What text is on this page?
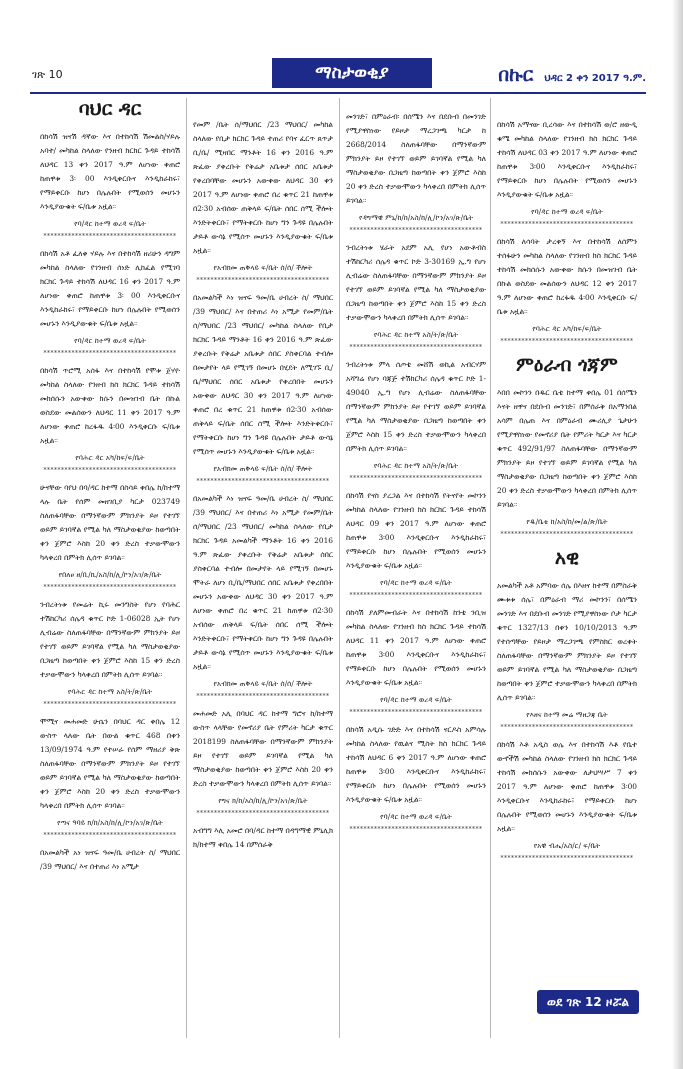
ገጽ 10	ማስታወቂያ	በኩር ህዳር 2 ቀን 2017 ዓ.ም.
ባህር ዳር

በከሳሽ ዝናሽ ዳኛው እና በተከሳሽ ሽመልስ/ሃይሉ አባተ/ መካከል ስላለው የንዘብ ክርክር ጉዳይ ተከሳሽ ለህዳር 13 ቀን 2017 ዓ.ም ለሆነው ቀጠሮ ከጠዋቱ 3፡ 00 እንዲቀርቡና እንዲከራከሩ፣ የማይቀርቡ ከሆነ በሌሉበት የሚወሰን መሆኑን እንዲያውቁት ፍ/ቤቱ አዟል።

የባ/ዳር ከተማ ወረዳ ፍ/ቤት

**************************************

በከሳሽ አቶ ፈለቀ ሃይሉ እና በተከሳሽ ዘሪሁን ዳግም መካከል ስላለው የገንዘብ ሰነድ ሊከፈል የሚገባ ክርክር ጉዳይ ተከሳሽ ለህዳር 16 ቀን 2017 ዓ.ም ለሆነው ቀጠሮ ከጠዋቱ 3፡ 00 እንዲቀርቡና እንዲከራከሩ፣ የማይቀርቡ ከሆነ በሌሉበት የሚወሰን መሆኑን እንዲያውቁት ፍ/ቤቱ አዟል።

የባ/ዳር ከተማ ወረዳ ፍ/ቤት

**************************************

በከሳሽ ጥሮሚ አሰፋ እና በተከሳሽ የሞቱ ጀሃዮ መካከል ስላለው የንዘብ ክስ ክርክር ጉዳይ ተከሳሽ መክሰሱን አውቀው ክሱን በመዝገብ ቤት በኩል ወስደው መልሰውን ለህዳር 11 ቀን 2017 ዓ.ም ለሆነው ቀጠሮ ከረፋዱ 4፡00 እንዲቀርቡ ፍ/ቤቱ አዟል።

የባሕር ዳር አካ/ከፍ/ፍ/ቤት

**************************************

ሁናቸው ባየህ በባ/ዳር ከተማ በስሳይ ቀበሌ ከ/ከተማ ላሉ ቤት የሰም መዘገቢያ ካርታ 023749 ስለጠፋባቸው በማንኛውም ምክንያት ይዞ የተገኘ ወይም ይገባኛል የሚል ካለ ማስታወቂያው ከወጣበት ቀን ጀምሮ እስከ 20 ቀን ድረስ ተቃውሞውን ካላቀረበ በምትክ ሊሰጥ ይገባል።

የበለፀ ዘ/ቢ/ኪ/አስ/ከ/ሊ/ኮን/አገ/ጽ/ቤት

**************************************

ንብረትነቱ የመሬት ኪሩ መንግስት የሆነ የባሕር ተሽከርካሪ ሰሌዳ ቁጥር ኮድ 1-06028 ኢት የሆነ ሊብሬው ስለጠፋባቸው በማንኛውም ምክንያት ይዞ የተገኘ ወይም ይገባኛል የሚል ካለ ማስታወቂያው በጋዜጣ ከወጣበት ቀን ጀምሮ እስከ 15 ቀን ድረስ ተቃውሞውን ካላቀረበ በምትክ ሊሰጥ ይገባል።

የባሕር ዳር ከተማ አስ/ት/ጽ/ቤት

**************************************

ሞሚና መሐመድ ሁሴን በባህር ዳር ቀበሌ 12 ውስጥ ላለው ቤት በውል ቁጥር 468 በቀን 13/09/1974 ዓ.ም የተሠራ የሰም ማዘሪያ ቅጽ ስለጠፋባቸው በማንኛውም ምክንያት ይዞ የተገኘ ወይም ይገባኛል የሚል ካለ ማስታወቂያው ከወጣበት ቀን ጀምሮ እስከ 20 ቀን ድረስ ተቃውሞውን ካላቀረበ በምትክ ሊሰጥ ይገባል።

የጣና ዓባይ ክ/ከ/አስ/ከ/ሊ/ኮን/አገ/ጽ/ቤት

**************************************

በአመልካች አነ ዝናፍ ዓመ/ቤ ሀብረት ስ/ ማህበር /39 ማህበር/ እና በተጠሪ እነ አሚታ

የመም /ቤት ሰ/ማህበር /23 ማህበር/ መካከል ስላለው የቢታ ክርክር ጉዳይ ተጠሪ የባና ፈርጥ ጸጥታ ቢ/ቤ/ ሚዛበር ማንቶት 16 ቀን 2016 ዓ.ም ጽፈው ያቀረቡት የቅሬታ አቤቱታ ሰበር አቤቱታ የቀረበባቸው መሆኑን አውቀው ለህዳር 30 ቀን 2017 ዓ.ም ለሆነው ቀጠሮ በረ ቁጥር 21 ከጠዋቱ በ2፡30 አብሰው ጠቅላይ ፍ/ቤት ሰበር ሰሚ ችሎት እንድትቀርቡ፣ የማትቀርቡ ከሆነ ግን ጉዳዩ በሌሉበት ታይቶ ውሳኔ የሚሰጥ መሆኑን እንዲያውቁት ፍ/ቤቱ አዟል።

የአብክመ ጠቅላይ ፍ/ቤት ሰ/ሰ/ ችሎት

**************************************

በአመልካች እነ ዝናፍ ዓመ/ቤ ሀብረት ስ/ ማህበር /39 ማህበር/ እና በተጠሪ እነ አሚታ የመም/ቤት ሰ/ማህበር /23 ማህበር/ መካከል ስላለው የቢታ ክርክር ጉዳይ ማንቶት 16 ቀን 2016 ዓ.ም ጽፈው ያቀረቡት የቅሬታ አቤቱታ ሰበር ያስቀርባል ተብሎ በመታየት ላይ የሚገኝ በመሆኑ በሂደት ለሚገኙ ቢ/ቤ/ማህበር ሰበር አቤቱታ የቀረበበት መሆኑን አውቀው ለህዳር 30 ቀን 2017 ዓ.ም ለሆነው ቀጠሮ በረ ቁጥር 21 ከጠዋቱ በ2፡30 አብሰው ጠቅላይ ፍ/ቤት ሰበር ሰሚ ችሎት እንድትቀርቡ፣ የማትቀርቡ ከሆነ ግን ጉዳዩ በሌሉበት ታይቶ ውሳኔ የሚሰጥ መሆኑን እንዲያውቁት ፍ/ቤቱ አዟል።

የአብክመ ጠቅላይ ፍ/ቤት ሰ/ሰ/ ችሎት

**************************************

በአመልካች እነ ዝናፍ ዓመ/ቤ ሀብረት ስ/ ማህበር /39 ማህበር/ እና በተጠሪ እነ አሚታ የመም/ቤት ሰ/ማህበር /23 ማህበር/ መካከል ስላለው የቢታ ክርክር ጉዳይ አመልካች ማንቶት 16 ቀን 2016 ዓ.ም ጽፈው ያቀረቡት የቅሬታ አቤቱታ ሰበር ያስቀርባል ተብሎ በመታየት ላይ የሚገኝ በመሆኑ ሞትራ ለሆነ ቢ/ቤ/ማህበር ሰበር አቤቱታ የቀረበበት መሆኑን አውቀው ለህዳር 30 ቀን 2017 ዓ.ም ለሆነው ቀጠሮ በረ ቁጥር 21 ከጠዋቱ በ2፡30 አብሰው ጠቅላይ ፍ/ቤት ሰበር ሰሚ ችሎት እንድትቀርቡ፣ የማትቀርቡ ከሆነ ግን ጉዳዩ በሌሉበት ታይቶ ውሳኔ የሚሰጥ መሆኑን እንዲያውቁት ፍ/ቤቱ አዟል።

የአብክመ ጠቅላይ ፍ/ቤት ሰ/ሰ/ ችሎት

**************************************

መሐመድ አሊ በባህር ዳር ከተማ ግሮና ከ/ከተማ ውስጥ ላላቸው የመኖሪያ ቤት የምሪት ካርታ ቁጥር 2018199 ስለጠፋባቸው በማንኛውም ምክንያት ይዞ የተገኘ ወይም ይገባኛል የሚል ካለ ማስታወቂያው ከወጣበት ቀን ጀምሮ እስከ 20 ቀን ድረስ ተቃውሞውን ካላቀረበ በምትክ ሊሰጥ ይገባል።

የግና ክ/ከ/አስ/ከ/ሊ/ኮን/አገ/ጽ/ቤት

**************************************

አብግግ እሊ አመሮ በባ/ዳር ከተማ በዳግማዊ ምኒሊክ ክ/ከተማ ቀበሌ 14 በምሰራቅ

መንገድ፣ በምዕራብ፡ በሰሜን እና በደቡብ በመንገድ የሚያዋስነው የይዞታ ማረጋገጫ ካርታ ከ 2668/2014 ስለጠፋባቸው በማንኛውም ምክንያት ይዞ የተገኘ ወይም ይገባኛል የሚል ካለ ማስታወቂያው በጋዜጣ ከወጣበት ቀን ጀምሮ እስከ 20 ቀን ድረስ ተቃውሞውን ካላቀረበ በምትክ ሊሰጥ ይገባል።

የዳግማዊ ምኒ/ከ/ከ/አስ/ከ/ሊ/ኮን/አገ/ጽ/ቤት

**************************************

ንብረትነቱ ሄራት አደም አሊ የሆነ አውቶብስ ተሽከርካሪ ሰሌዳ ቁጥር ኮድ 3-30169 ኢ.ግ የሆነ ሊብሬው ስለጠፋባቸው በማንኛውም ምክንያት ይዞ የተገኘ ወይም ይገባኛል የሚል ካለ ማስታወቂያው በጋዜጣ ከወጣበት ቀን ጀምሮ እስከ 15 ቀን ድረስ ተቃውሞውን ካላቀረበ በምትክ ሊሰጥ ይገባል።

የባሕር ዳር ከተማ አስ/ት/ጽ/ቤት

**************************************

ንብረትነቱ ምላ ሰጦቴ መሸሽ ወኪል አብርሃም አሻግሬ የሆነ ባጃጅ ተሽከርካሪ ሰሌዳ ቁጥር ኮድ 1-49040 ኢ.ግ የሆነ ሊብሬው ስለጠፋባቸው በማንኛውም ምክንያት ይዞ የተገኘ ወይም ይገባኛል የሚል ካለ ማስታወቂያው በጋዜጣ ከወጣበት ቀን ጀምሮ እስከ 15 ቀን ድረስ ተቃውሞውን ካላቀረበ በምትክ ሊሰጥ ይገባል።

የባሕር ዳር ከተማ አስ/ት/ጽ/ቤት

**************************************

በከሳሽ የናስ ያረጋል እና በተከሳሽ የትናየት መኮንን መካከል ስላለው የገንዘብ ክስ ክርክር ጉዳይ ተከሳሽ ለህዳር 09 ቀን 2017 ዓ.ም ለሆነው ቀጠሮ ከጠዋቱ 3፡00 እንዲቀርቡና እንዲከራከሩ፣ የማይቀርቡ ከሆነ በሌሉበት የሚወሰን መሆኑን እንዲያውቁት ፍ/ቤቱ አዟል።

የባ/ዳር ከተማ ወረዳ ፍ/ቤት

**************************************

በከሳሽ ያለምመብራት እና በተከሳሽ ከንቴ ንቢዝ መካከል ስላለው የገንዘብ ክስ ክርክር ጉዳይ ተከሳሽ ለህዳር 11 ቀን 2017 ዓ.ም ለሆነው ቀጠሮ ከጠዋቱ 3፡00 እንዲቀርቡና እንዲከራከሩ፣ የማይቀርቡ ከሆነ በሌሉበት የሚወሰን መሆኑን እንዲያውቁት ፍ/ቤቱ አዟል።

የባ/ዳር ከተማ ወረዳ ፍ/ቤት

**************************************

በከሳሽ አዲሱ ገድድ እና በተከሳሽ ናርዶስ አምሳሉ መካከል ስላለው የዉልና ሚስት ክስ ክርክር ጉዳይ ተከሳሽ ለህዳር 6 ቀን 2017 ዓ.ም ለሆነው ቀጠሮ ከጠዋቱ 3፡00 እንዲቀርቡና እንዲከራከሩ፣ የማይቀርቡ ከሆነ በሌሉበት የሚወሰን መሆኑን እንዲያውቁት ፍ/ቤቱ አዟል።

የባ/ዳር ከተማ ወረዳ ፍ/ቤት

**************************************

በከሳሽ አማናው ቢረሳው እና በተከሳሽ ወ/ሮ ዘውዲ ቁሜ መካከል ስላለው የገንዘብ ክስ ክርክር ጉዳይ ተከሳሽ ለህዳር 03 ቀን 2017 ዓ.ም ለሆነው ቀጠሮ ከጠዋቱ 3፡00 እንዲቀርቡና እንዲከራከሩ፣ የማይቀርቡ ከሆነ በሌሉበት የሚወሰን መሆኑን እንዲያውቁት ፍ/ቤቱ አዟል።

የባ/ዳር ከተማ ወረዳ ፍ/ቤት

**************************************

በከሳሽ ለሳባት ታረቀኝ እና በተከሳሽ ለሰምን ተሰፋሁን መካከል ስላለው የገንዘብ ክስ ክርክር ጉዳይ ተከሳሽ መክሰሱን አውቀው ክሱን በመዝገብ ቤት በኩል ወስደው መልሰውን ለህዳር 12 ቀን 2017 ዓ.ም ለሆነው ቀጠሮ ከረፋዱ 4፡00 እንዲቀርቡ ፍ/ቤቱ አዟል።

የባሕር ዳር አካ/ከፍ/ፍ/ቤት

**************************************
ምዕራብ ጎጃም

እበበ መኮንን በዱር ቤቴ ከተማ ቀበሌ 01 በሰሜን እናት ዘዋና በደቡብ መንገድ፣ በምሰራቅ በአማንበል አሳም በሌጠ እና በምዕራብ ሙሪሊያ ጌታሁን የሚያዋስነው የመኖሪያ ቤት የምሪት ካርታ እና ካርታ ቁጥር 492/91/97 ስለጠፋባቸው በማንኛውም ምክንያት ይዞ የተገኘ ወይም ይገባኛል የሚል ካለ ማስታወቂያው በጋዜጣ ከወጣበት ቀን ጀምሮ እስከ 20 ቀን ድረስ ተቃውሞውን ካላቀረበ በምትክ ሊሰጥ ይገባል።

የዱ/ቤቴ ከ/አስ/ከ/መ/ል/ጽ/ቤት

**************************************
አዊ

አመልካች አቶ አምባው ሰሌ በእዘና ከተማ በምስራቅ ሙቱቱ ሰሌ፣ በምዕራብ ማሪ መኮንን፣ በሰሜን መንገድ እና በደቡብ መንገድ የሚያዋስነው ቦታ ካርታ ቁጥር 1327/13 በቀን 10/10/2013 ዓ.ም የተሰጣቸው የይዞታ ማረጋገጫ የምስክር ወረቀት ስለጠፋባቸው በማንኛውም ምክንያት ይዞ የተገኘ ወይም ይገባኛል የሚል ካለ ማስታወቂያው በጋዜጣ ከወጣበት ቀን ጀምሮ ተቃውሞውን ካላቀረበ በምትክ ሊሰጥ ይገባል።

የእዘና ከተማ መሬ ማዘጋጃ ቤት

**************************************

በከሳሽ እቶ አዲስ ወሌ እና በተከሳሽ እቶ የቤተ ውኖችሽ መካከል ስላለው የገንዘብ ክስ ክርክር ጉዳይ ተከሳሽ መክሰሱን አውቀው ለታህሣሥ 7 ቀን 2017 ዓ.ም ለሆነው ቀጠሮ ከጠዋቱ 3፡00 እንዲቀርቡና እንዲከራከሩ፣ የማይቀርቡ ከሆነ በሌሉበት የሚወሰን መሆኑን እንዲያውቁት ፍ/ቤቱ አዟል።

የአዊ ብሔ/አስ/ር/ ፍ/ቤት

**************************************
ወደ ገጽ 12 ዞሯል
